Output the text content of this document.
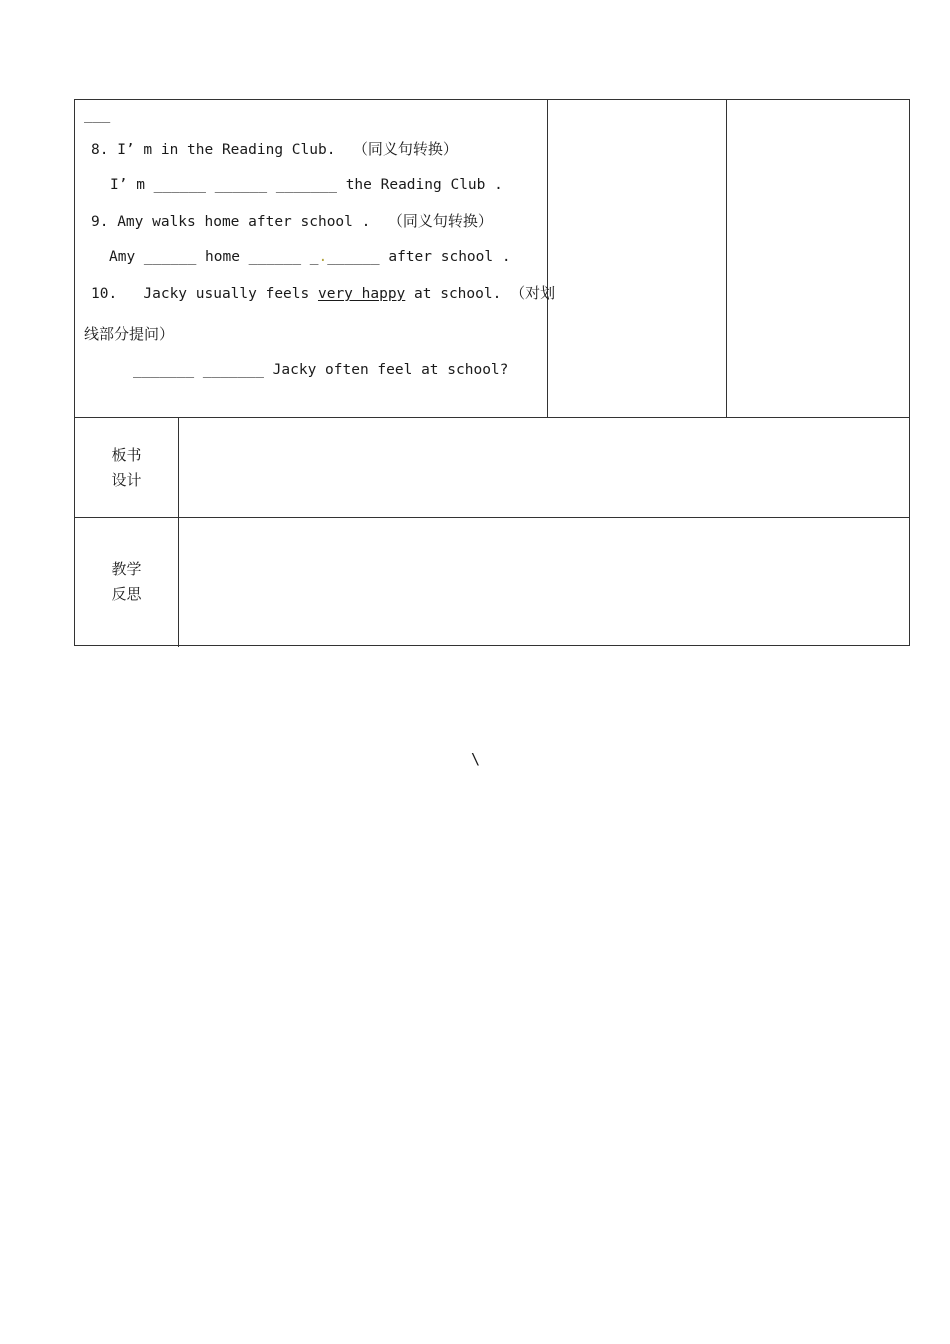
___
8. I’ m in the Reading Club. （同义句转换）
I’ m ______ ______ _______ the Reading Club .
9. Amy walks home after school . （同义句转换）
Amy ______ home ______ _.______ after school .
10.   Jacky usually feels very happy at school. （对划
线部分提问）
_______ _______ Jacky often feel at school?
板书
设计
教学
反思
\
